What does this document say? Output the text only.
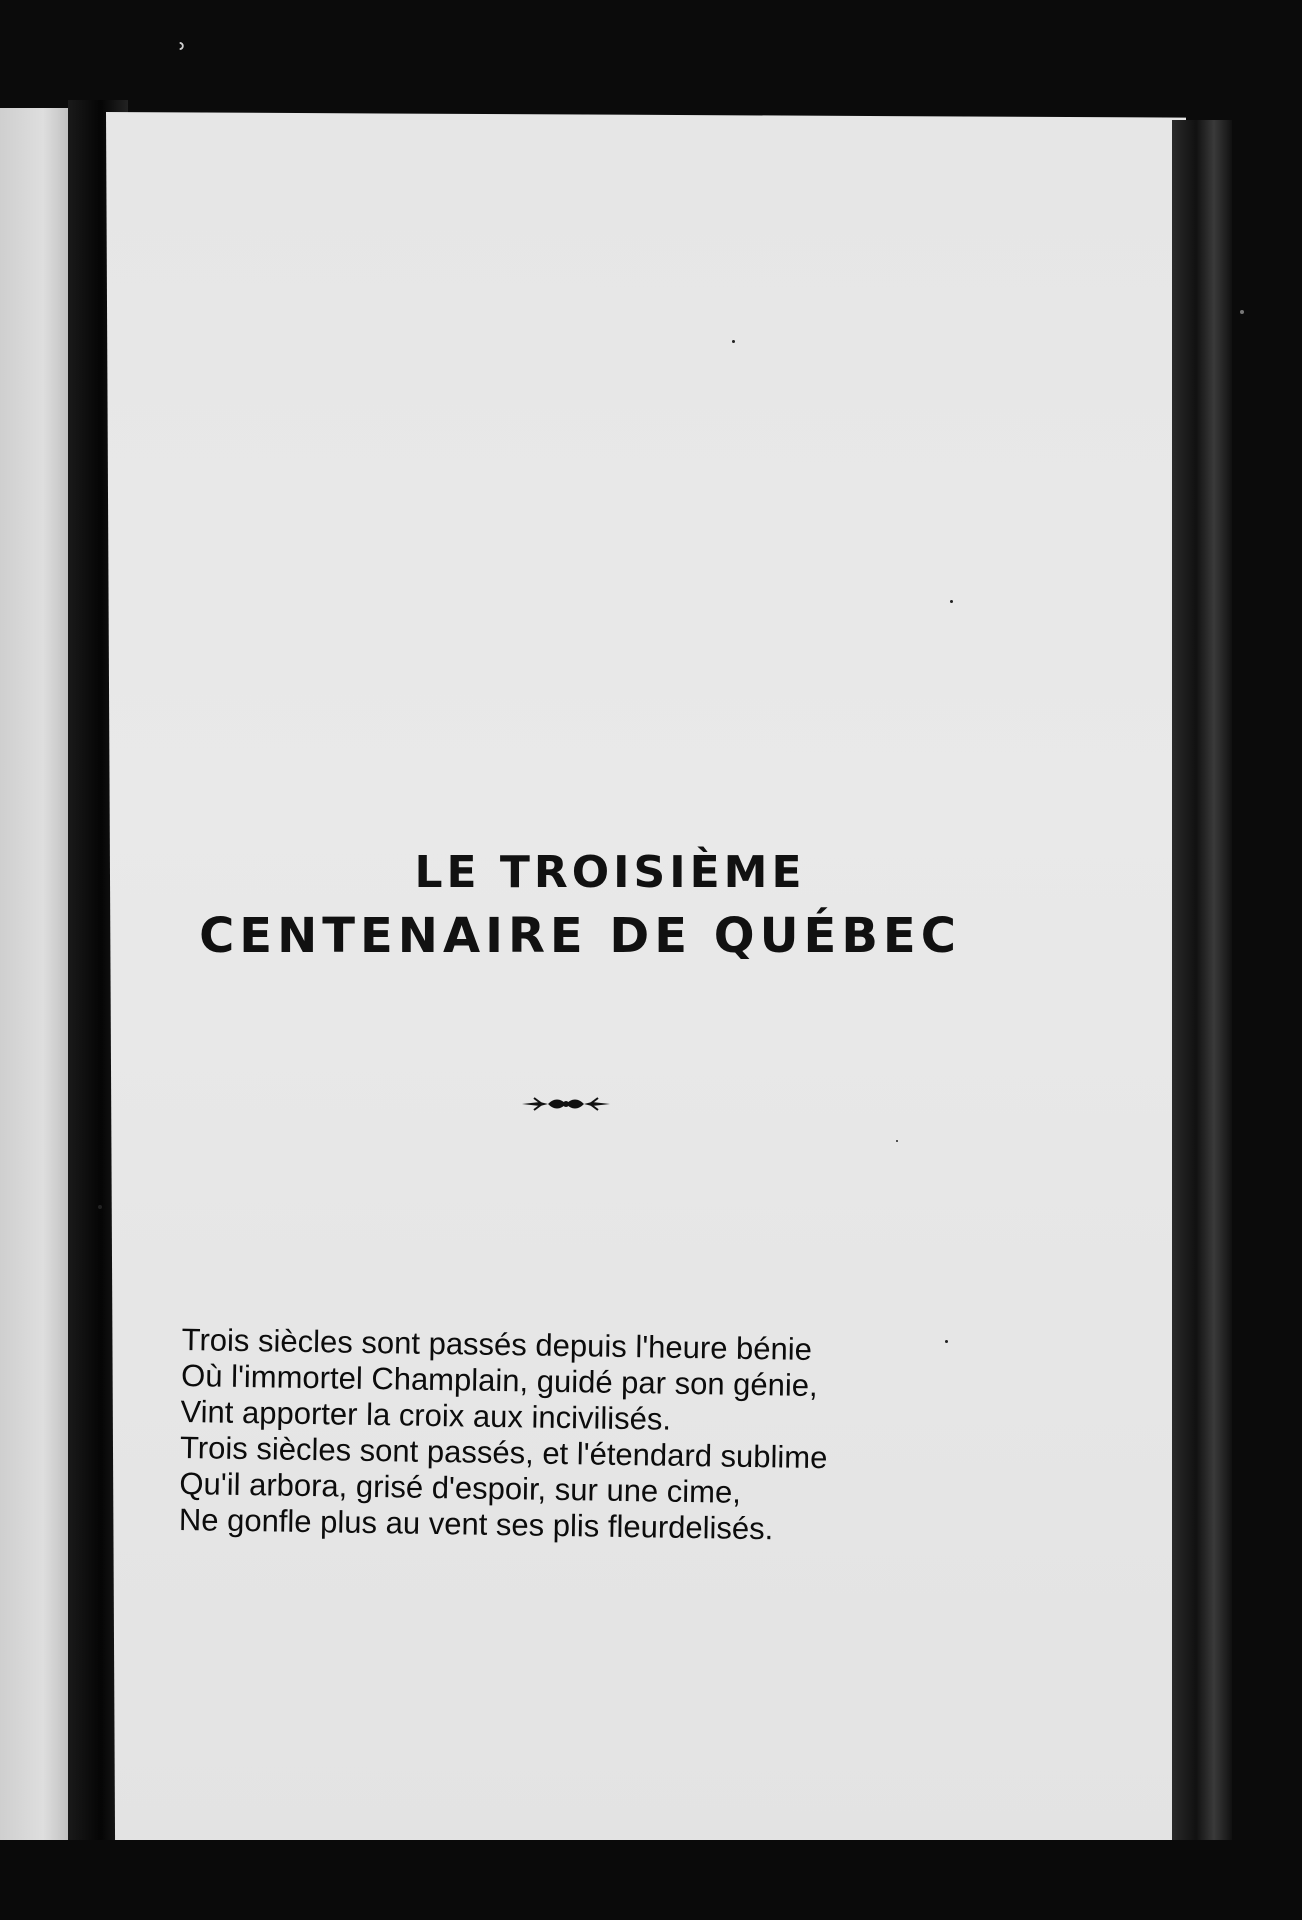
ʾ
LE TROISIÈME
CENTENAIRE DE QUÉBEC
Trois siècles sont passés depuis l'heure bénie
Où l'immortel Champlain, guidé par son génie,
Vint apporter la croix aux incivilisés.
Trois siècles sont passés, et l'étendard sublime
Qu'il arbora, grisé d'espoir, sur une cime,
Ne gonfle plus au vent ses plis fleurdelisés.
